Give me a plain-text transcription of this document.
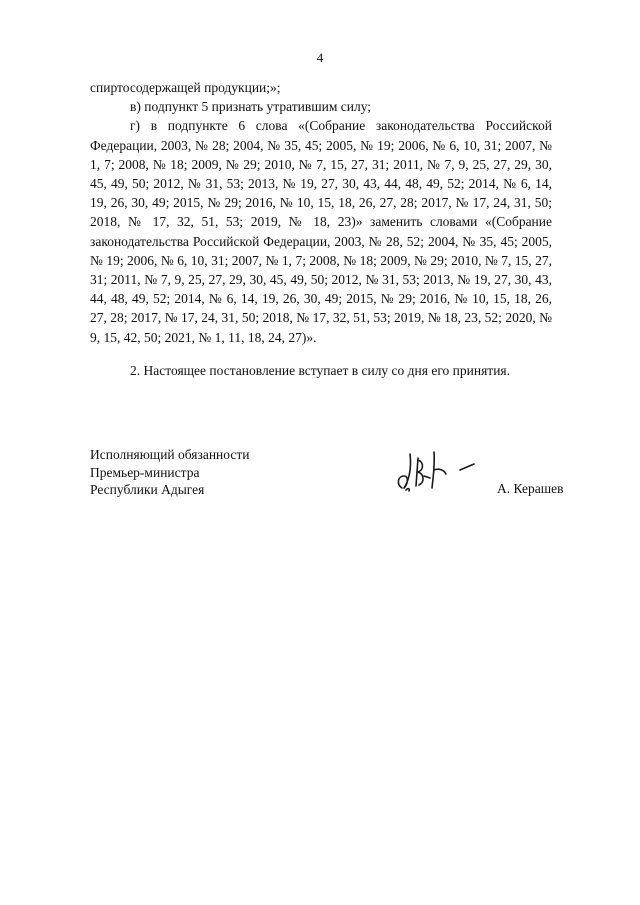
4

спиртосодержащей продукции;»;

в) подпункт 5 признать утратившим силу;

г) в подпункте 6 слова «(Собрание законодательства Российской Федерации, 2003, № 28; 2004, № 35, 45; 2005, № 19; 2006, № 6, 10, 31; 2007, № 1, 7; 2008, № 18; 2009, № 29; 2010, № 7, 15, 27, 31; 2011, № 7, 9, 25, 27, 29, 30, 45, 49, 50; 2012, № 31, 53; 2013, № 19, 27, 30, 43, 44, 48, 49, 52; 2014, № 6, 14, 19, 26, 30, 49; 2015, № 29; 2016, № 10, 15, 18, 26, 27, 28; 2017, № 17, 24, 31, 50; 2018, № 17, 32, 51, 53; 2019, № 18, 23)» заменить словами «(Собрание законодательства Российской Федерации, 2003, № 28, 52; 2004, № 35, 45; 2005, № 19; 2006, № 6, 10, 31; 2007, № 1, 7; 2008, № 18; 2009, № 29; 2010, № 7, 15, 27, 31; 2011, № 7, 9, 25, 27, 29, 30, 45, 49, 50; 2012, № 31, 53; 2013, № 19, 27, 30, 43, 44, 48, 49, 52; 2014, № 6, 14, 19, 26, 30, 49; 2015, № 29; 2016, № 10, 15, 18, 26, 27, 28; 2017, № 17, 24, 31, 50; 2018, № 17, 32, 51, 53; 2019, № 18, 23, 52; 2020, № 9, 15, 42, 50; 2021, № 1, 11, 18, 24, 27)».

2. Настоящее постановление вступает в силу со дня его принятия.

Исполняющий обязанности
Премьер-министра
Республики Адыгея	А. Керашев
